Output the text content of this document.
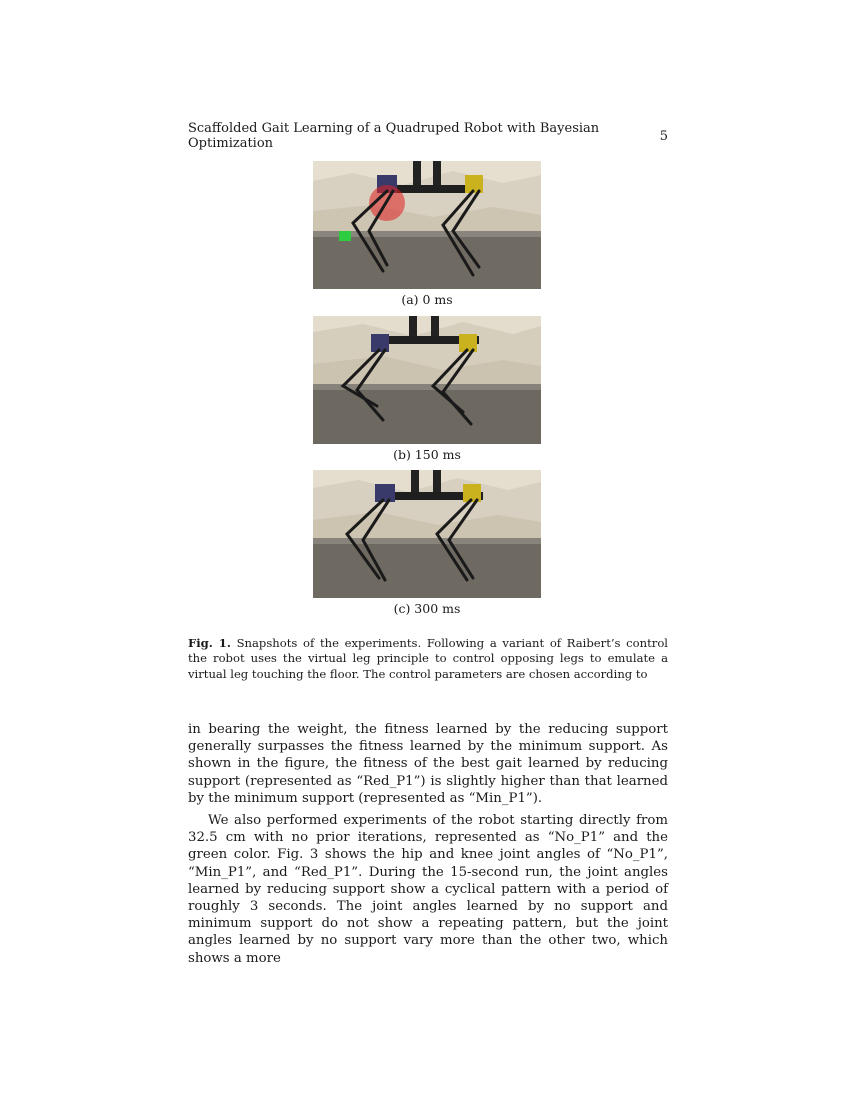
Scaffolded Gait Learning of a Quadruped Robot with Bayesian Optimization	5
(a) 0 ms
(b) 150 ms
(c) 300 ms
Fig. 1. Snapshots of the experiments. Following a variant of Raibert’s control the robot uses the virtual leg principle to control opposing legs to emulate a virtual leg touching the floor. The control parameters are chosen according to

in bearing the weight, the fitness learned by the reducing support generally surpasses the fitness learned by the minimum support. As shown in the figure, the fitness of the best gait learned by reducing support (represented as “Red_P1”) is slightly higher than that learned by the minimum support (represented as “Min_P1”).

We also performed experiments of the robot starting directly from 32.5 cm with no prior iterations, represented as “No_P1” and the green color. Fig. 3 shows the hip and knee joint angles of “No_P1”, “Min_P1”, and “Red_P1”. During the 15-second run, the joint angles learned by reducing support show a cyclical pattern with a period of roughly 3 seconds. The joint angles learned by no support and minimum support do not show a repeating pattern, but the joint angles learned by no support vary more than the other two, which shows a more
